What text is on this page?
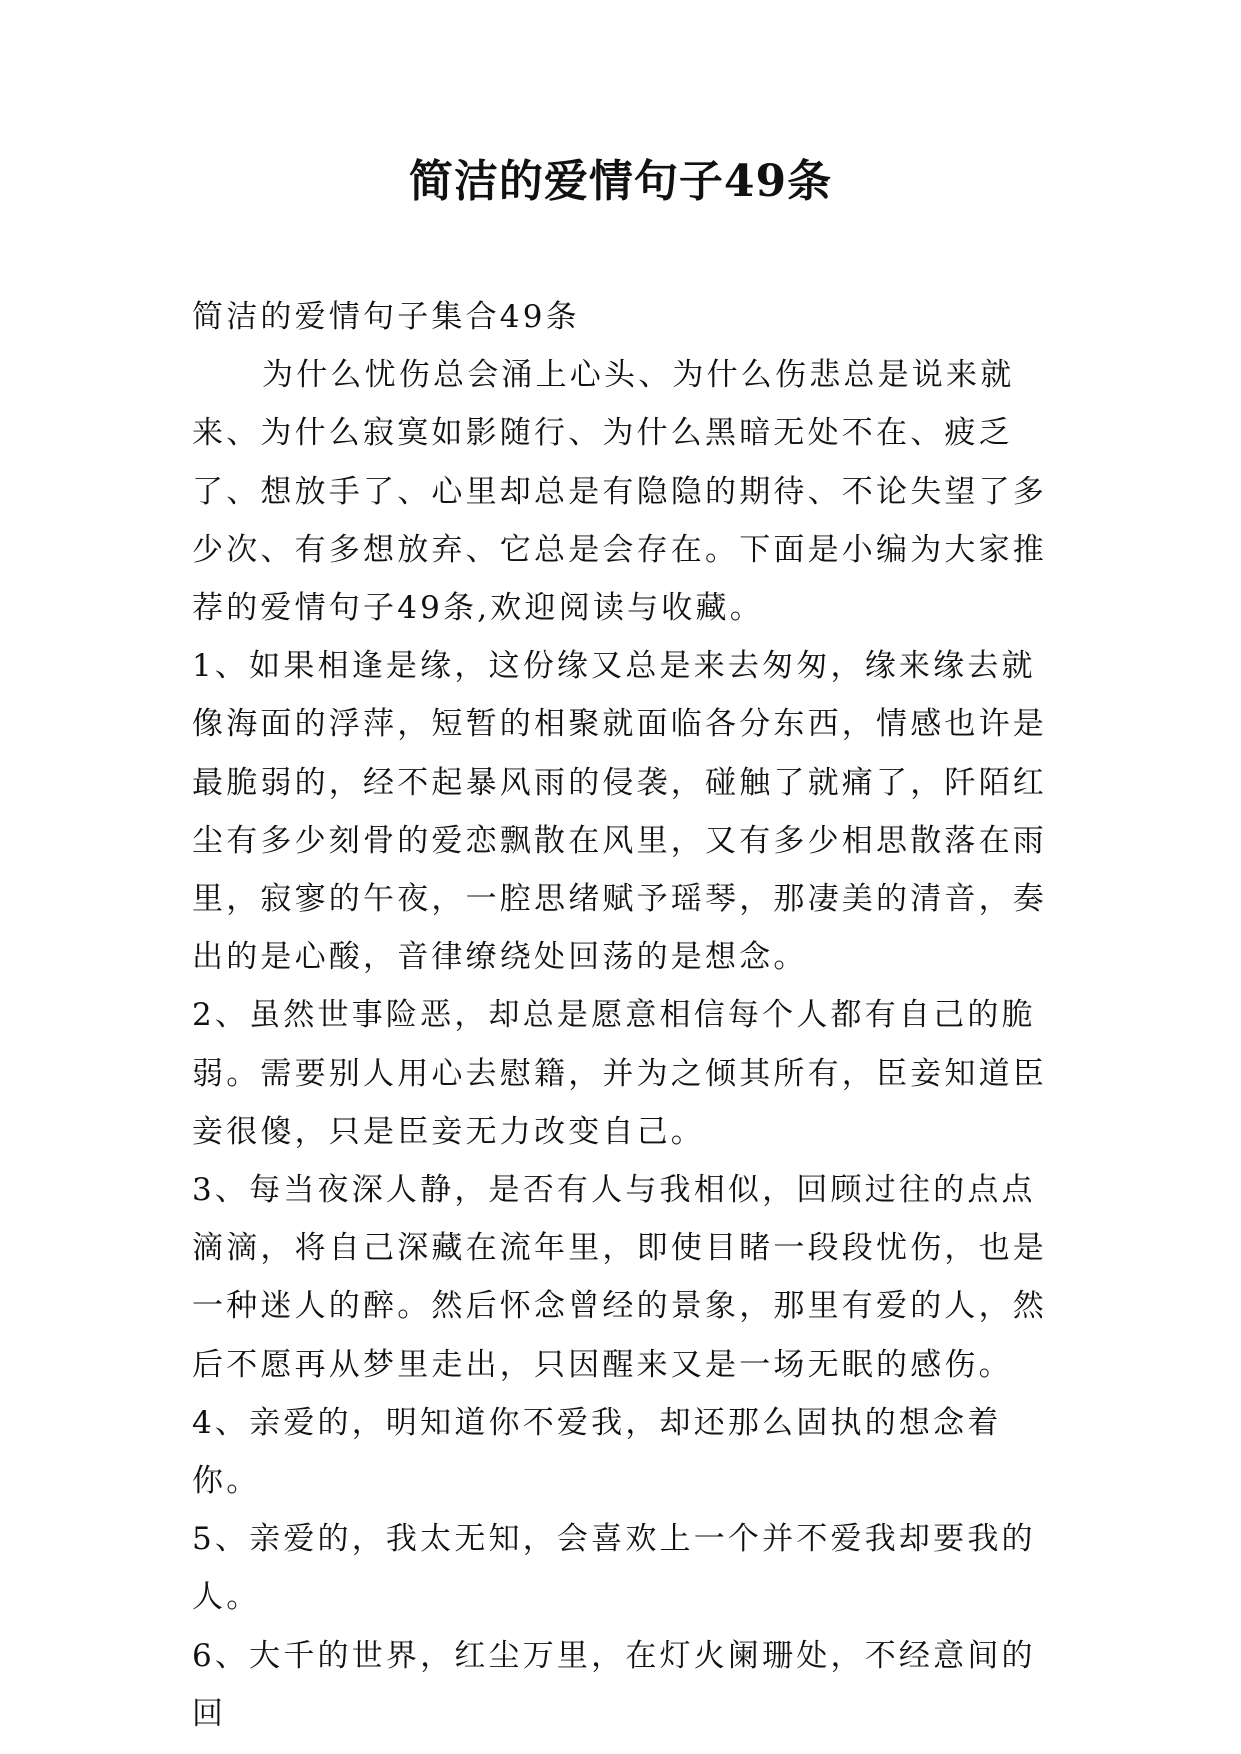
简洁的爱情句子49条

简洁的爱情句子集合49条

为什么忧伤总会涌上心头、为什么伤悲总是说来就来、为什么寂寞如影随行、为什么黑暗无处不在、疲乏了、想放手了、心里却总是有隐隐的期待、不论失望了多少次、有多想放弃、它总是会存在。下面是小编为大家推荐的爱情句子49条,欢迎阅读与收藏。

1、如果相逢是缘，这份缘又总是来去匆匆，缘来缘去就像海面的浮萍，短暂的相聚就面临各分东西，情感也许是最脆弱的，经不起暴风雨的侵袭，碰触了就痛了，阡陌红尘有多少刻骨的爱恋飘散在风里，又有多少相思散落在雨里，寂寥的午夜，一腔思绪赋予瑶琴，那凄美的清音，奏出的是心酸，音律缭绕处回荡的是想念。

2、虽然世事险恶，却总是愿意相信每个人都有自己的脆弱。需要别人用心去慰籍，并为之倾其所有，臣妾知道臣妾很傻，只是臣妾无力改变自己。

3、每当夜深人静，是否有人与我相似，回顾过往的点点滴滴，将自己深藏在流年里，即使目睹一段段忧伤，也是一种迷人的醉。然后怀念曾经的景象，那里有爱的人，然后不愿再从梦里走出，只因醒来又是一场无眠的感伤。

4、亲爱的，明知道你不爱我，却还那么固执的想念着你。

5、亲爱的，我太无知，会喜欢上一个并不爱我却要我的人。

6、大千的世界，红尘万里，在灯火阑珊处，不经意间的回
